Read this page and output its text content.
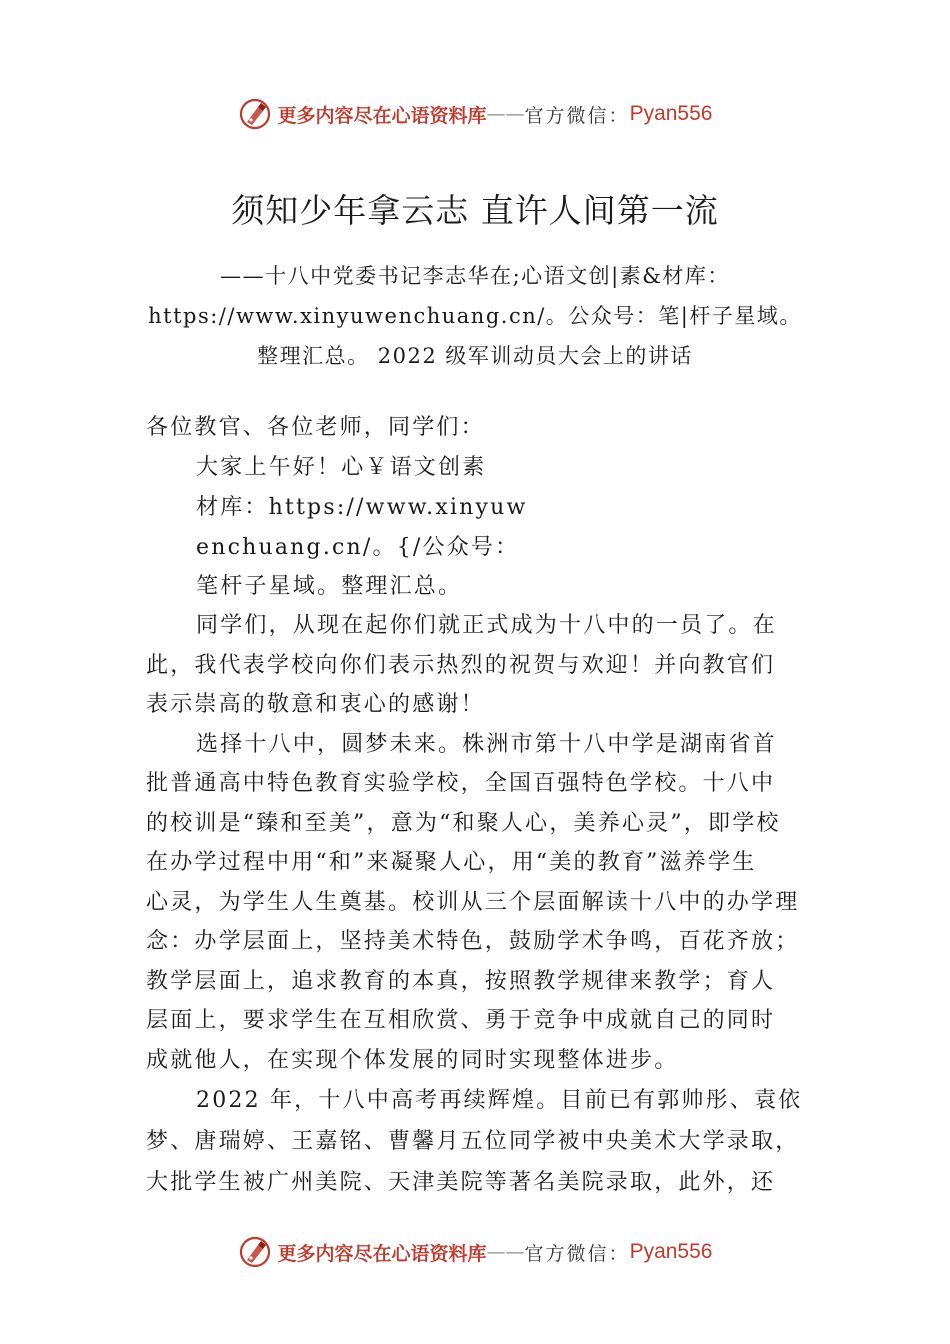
更多内容尽在心语资料库 —— 官方微信： Pyan556
须知少年拿云志 直许人间第一流
——十八中党委书记李志华在;心语文创|素&材库：
https://www.xinyuwenchuang.cn/。公众号：笔|杆子星域。
整理汇总。 2022 级军训动员大会上的讲话
各位教官、各位老师，同学们：
大家上午好！心￥语文创素
材库：https://www.xinyuw
enchuang.cn/。{/公众号：
笔杆子星域。整理汇总。
同学们，从现在起你们就正式成为十八中的一员了。在
此，我代表学校向你们表示热烈的祝贺与欢迎！并向教官们
表示崇高的敬意和衷心的感谢！
选择十八中，圆梦未来。株洲市第十八中学是湖南省首
批普通高中特色教育实验学校，全国百强特色学校。十八中
的校训是“臻和至美”，意为“和聚人心，美养心灵”，即学校
在办学过程中用“和”来凝聚人心，用“美的教育”滋养学生
心灵，为学生人生奠基。校训从三个层面解读十八中的办学理
念：办学层面上，坚持美术特色，鼓励学术争鸣，百花齐放；
教学层面上，追求教育的本真，按照教学规律来教学；育人
层面上，要求学生在互相欣赏、勇于竞争中成就自己的同时
成就他人，在实现个体发展的同时实现整体进步。
2022 年，十八中高考再续辉煌。目前已有郭帅彤、袁依
梦、唐瑞婷、王嘉铭、曹馨月五位同学被中央美术大学录取，
大批学生被广州美院、天津美院等著名美院录取，此外，还
更多内容尽在心语资料库 —— 官方微信： Pyan556
